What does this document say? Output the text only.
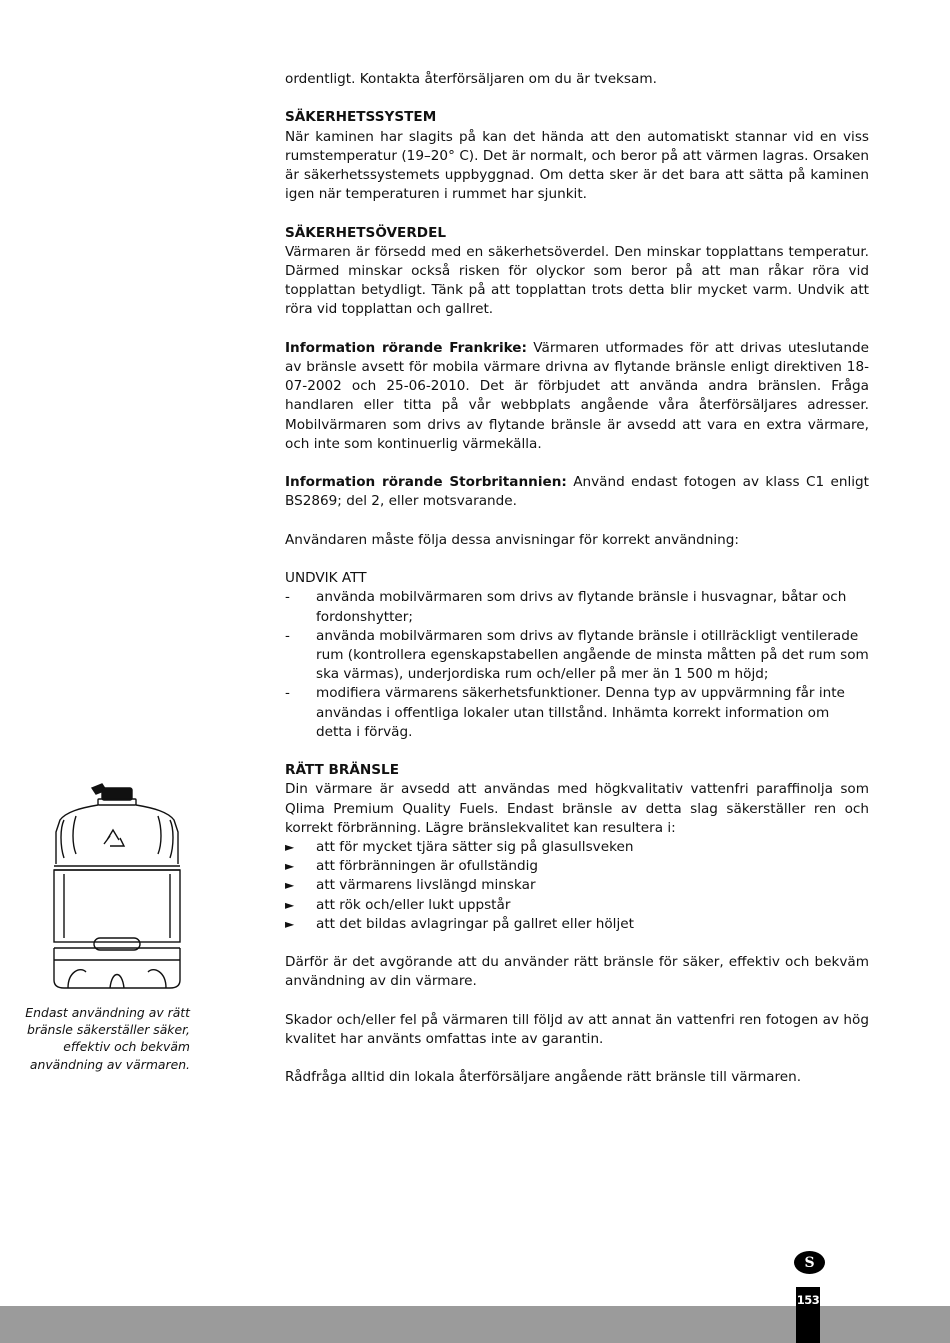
ordentligt. Kontakta återförsäljaren om du är tveksam.

SÄKERHETSSYSTEM

När kaminen har slagits på kan det hända att den automatiskt stannar vid en viss rumstemperatur (19–20° C). Det är normalt, och beror på att värmen lagras. Orsaken är säkerhetssystemets uppbyggnad. Om detta sker är det bara att sätta på kaminen igen när temperaturen i rummet har sjunkit.

SÄKERHETSÖVERDEL

Värmaren är försedd med en säkerhetsöverdel. Den minskar topplattans temperatur. Därmed minskar också risken för olyckor som beror på att man råkar röra vid topplattan betydligt. Tänk på att topplattan trots detta blir mycket varm. Undvik att röra vid topplattan och gallret.

Information rörande Frankrike: Värmaren utformades för att drivas uteslutande av bränsle avsett för mobila värmare drivna av flytande bränsle enligt direktiven 18-07-2002 och 25-06-2010. Det är förbjudet att använda andra bränslen. Fråga handlaren eller titta på vår webbplats angående våra återförsäljares adresser. Mobilvärmaren som drivs av flytande bränsle är avsedd att vara en extra värmare, och inte som kontinuerlig värmekälla.

Information rörande Storbritannien: Använd endast fotogen av klass C1 enligt BS2869; del 2, eller motsvarande.

Användaren måste följa dessa anvisningar för korrekt användning:

UNDVIK ATT

-	använda mobilvärmaren som drivs av flytande bränsle i husvagnar, båtar och fordonshytter;
-	använda mobilvärmaren som drivs av flytande bränsle i otillräckligt ventilerade rum (kontrollera egenskapstabellen angående de minsta måtten på det rum som ska värmas), underjordiska rum och/eller på mer än 1 500 m höjd;
-	modifiera värmarens säkerhetsfunktioner. Denna typ av uppvärmning får inte användas i offentliga lokaler utan tillstånd. Inhämta korrekt information om detta i förväg.

RÄTT BRÄNSLE

Din värmare är avsedd att användas med högkvalitativ vattenfri paraffinolja som Qlima Premium Quality Fuels. Endast bränsle av detta slag säkerställer ren och korrekt förbränning. Lägre bränslekvalitet kan resultera i:

►	att för mycket tjära sätter sig på glasullsveken
►	att förbränningen är ofullständig
►	att värmarens livslängd minskar
►	att rök och/eller lukt uppstår
►	att det bildas avlagringar på gallret eller höljet

Därför är det avgörande att du använder rätt bränsle för säker, effektiv och bekväm användning av din värmare.

Skador och/eller fel på värmaren till följd av att annat än vattenfri ren fotogen av hög kvalitet har använts omfattas inte av garantin.

Rådfråga alltid din lokala återförsäljare angående rätt bränsle till värmaren.

Endast användning av rätt bränsle säkerställer säker, effektiv och bekväm användning av värmaren.
S
153
